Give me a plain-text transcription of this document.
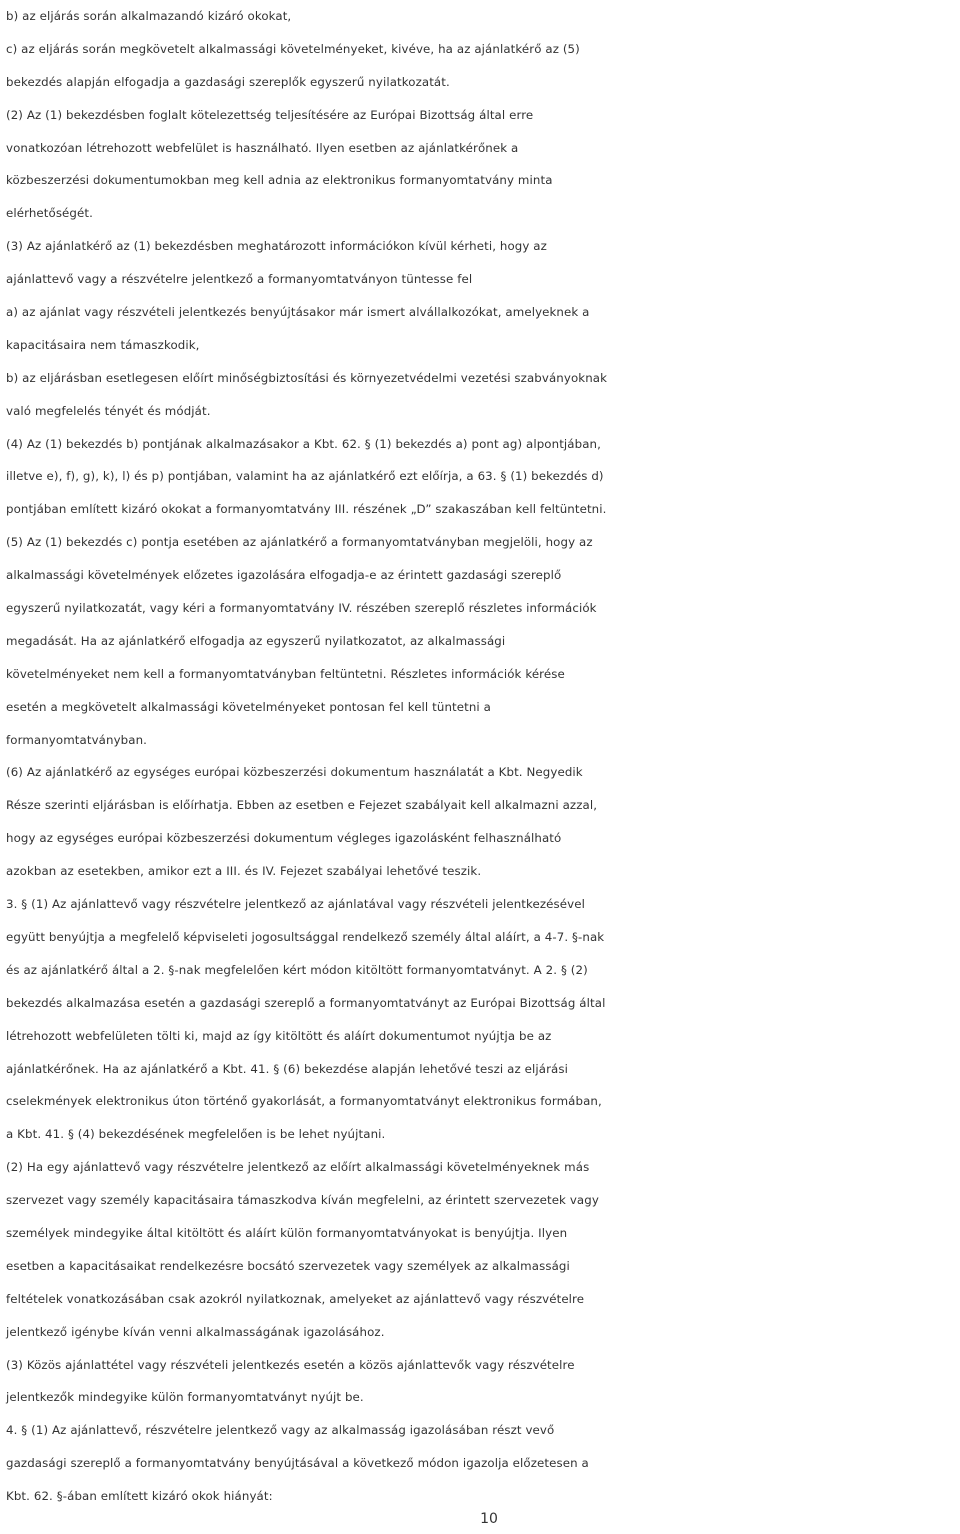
b) az eljárás során alkalmazandó kizáró okokat,
c) az eljárás során megkövetelt alkalmassági követelményeket, kivéve, ha az ajánlatkérő az (5)
bekezdés alapján elfogadja a gazdasági szereplők egyszerű nyilatkozatát.
(2) Az (1) bekezdésben foglalt kötelezettség teljesítésére az Európai Bizottság által erre
vonatkozóan létrehozott webfelület is használható. Ilyen esetben az ajánlatkérőnek a
közbeszerzési dokumentumokban meg kell adnia az elektronikus formanyomtatvány minta
elérhetőségét.
(3) Az ajánlatkérő az (1) bekezdésben meghatározott információkon kívül kérheti, hogy az
ajánlattevő vagy a részvételre jelentkező a formanyomtatványon tüntesse fel
a) az ajánlat vagy részvételi jelentkezés benyújtásakor már ismert alvállalkozókat, amelyeknek a
kapacitásaira nem támaszkodik,
b) az eljárásban esetlegesen előírt minőségbiztosítási és környezetvédelmi vezetési szabványoknak
való megfelelés tényét és módját.
(4) Az (1) bekezdés b) pontjának alkalmazásakor a Kbt. 62. § (1) bekezdés a) pont ag) alpontjában,
illetve e), f), g), k), l) és p) pontjában, valamint ha az ajánlatkérő ezt előírja, a 63. § (1) bekezdés d)
pontjában említett kizáró okokat a formanyomtatvány III. részének „D” szakaszában kell feltüntetni.
(5) Az (1) bekezdés c) pontja esetében az ajánlatkérő a formanyomtatványban megjelöli, hogy az
alkalmassági követelmények előzetes igazolására elfogadja-e az érintett gazdasági szereplő
egyszerű nyilatkozatát, vagy kéri a formanyomtatvány IV. részében szereplő részletes információk
megadását. Ha az ajánlatkérő elfogadja az egyszerű nyilatkozatot, az alkalmassági
követelményeket nem kell a formanyomtatványban feltüntetni. Részletes információk kérése
esetén a megkövetelt alkalmassági követelményeket pontosan fel kell tüntetni a
formanyomtatványban.
(6) Az ajánlatkérő az egységes európai közbeszerzési dokumentum használatát a Kbt. Negyedik
Része szerinti eljárásban is előírhatja. Ebben az esetben e Fejezet szabályait kell alkalmazni azzal,
hogy az egységes európai közbeszerzési dokumentum végleges igazolásként felhasználható
azokban az esetekben, amikor ezt a III. és IV. Fejezet szabályai lehetővé teszik.
3. § (1) Az ajánlattevő vagy részvételre jelentkező az ajánlatával vagy részvételi jelentkezésével
együtt benyújtja a megfelelő képviseleti jogosultsággal rendelkező személy által aláírt, a 4-7. §-nak
és az ajánlatkérő által a 2. §-nak megfelelően kért módon kitöltött formanyomtatványt. A 2. § (2)
bekezdés alkalmazása esetén a gazdasági szereplő a formanyomtatványt az Európai Bizottság által
létrehozott webfelületen tölti ki, majd az így kitöltött és aláírt dokumentumot nyújtja be az
ajánlatkérőnek. Ha az ajánlatkérő a Kbt. 41. § (6) bekezdése alapján lehetővé teszi az eljárási
cselekmények elektronikus úton történő gyakorlását, a formanyomtatványt elektronikus formában,
a Kbt. 41. § (4) bekezdésének megfelelően is be lehet nyújtani.
(2) Ha egy ajánlattevő vagy részvételre jelentkező az előírt alkalmassági követelményeknek más
szervezet vagy személy kapacitásaira támaszkodva kíván megfelelni, az érintett szervezetek vagy
személyek mindegyike által kitöltött és aláírt külön formanyomtatványokat is benyújtja. Ilyen
esetben a kapacitásaikat rendelkezésre bocsátó szervezetek vagy személyek az alkalmassági
feltételek vonatkozásában csak azokról nyilatkoznak, amelyeket az ajánlattevő vagy részvételre
jelentkező igénybe kíván venni alkalmasságának igazolásához.
(3) Közös ajánlattétel vagy részvételi jelentkezés esetén a közös ajánlattevők vagy részvételre
jelentkezők mindegyike külön formanyomtatványt nyújt be.
4. § (1) Az ajánlattevő, részvételre jelentkező vagy az alkalmasság igazolásában részt vevő
gazdasági szereplő a formanyomtatvány benyújtásával a következő módon igazolja előzetesen a
Kbt. 62. §-ában említett kizáró okok hiányát:
10
